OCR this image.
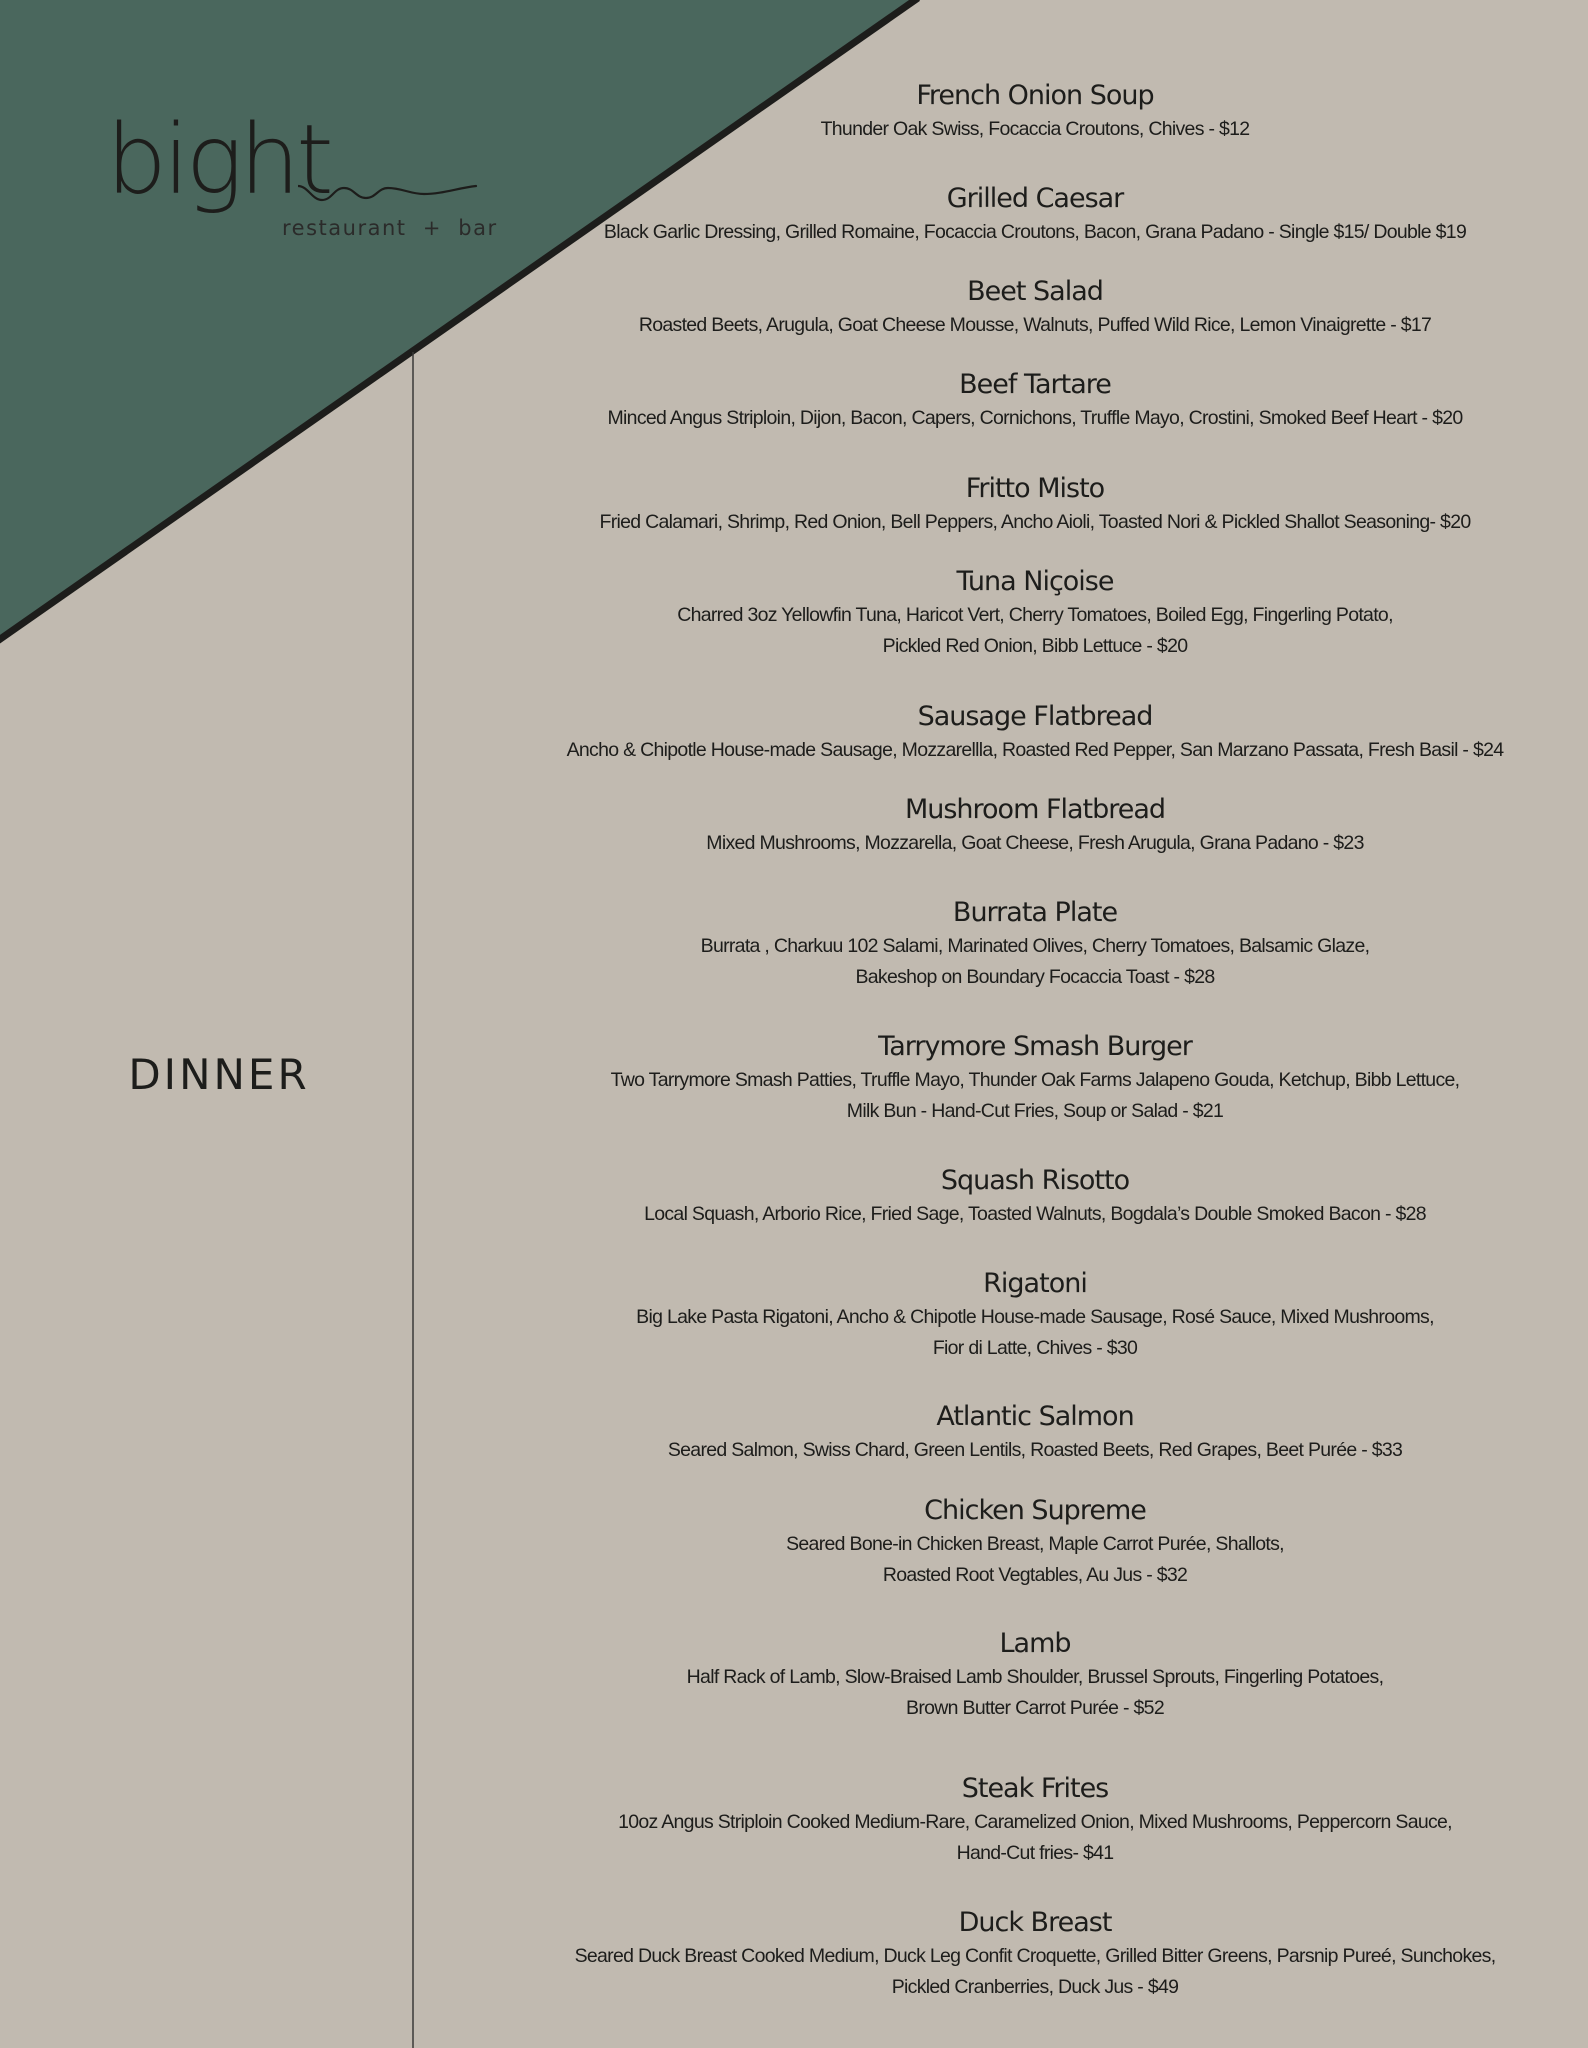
bight
restaurant  +  bar
DINNER
French Onion Soup
Thunder Oak Swiss, Focaccia Croutons, Chives - $12
Grilled Caesar
Black Garlic Dressing, Grilled Romaine, Focaccia Croutons, Bacon, Grana Padano - Single $15/ Double $19
Beet Salad
Roasted Beets, Arugula, Goat Cheese Mousse, Walnuts, Puffed Wild Rice, Lemon Vinaigrette - $17
Beef Tartare
Minced Angus Striploin, Dijon, Bacon, Capers, Cornichons, Truffle Mayo, Crostini, Smoked Beef Heart - $20
Fritto Misto
Fried Calamari, Shrimp, Red Onion, Bell Peppers, Ancho Aioli, Toasted Nori & Pickled Shallot Seasoning- $20
Tuna Niçoise
Charred 3oz Yellowfin Tuna, Haricot Vert, Cherry Tomatoes, Boiled Egg, Fingerling Potato,
Pickled Red Onion, Bibb Lettuce - $20
Sausage Flatbread
Ancho & Chipotle House-made Sausage, Mozzarellla, Roasted Red Pepper, San Marzano Passata, Fresh Basil - $24
Mushroom Flatbread
Mixed Mushrooms, Mozzarella, Goat Cheese, Fresh Arugula, Grana Padano - $23
Burrata Plate
Burrata , Charkuu 102 Salami, Marinated Olives, Cherry Tomatoes, Balsamic Glaze,
Bakeshop on Boundary Focaccia Toast - $28
Tarrymore Smash Burger
Two Tarrymore Smash Patties, Truffle Mayo, Thunder Oak Farms Jalapeno Gouda, Ketchup, Bibb Lettuce,
Milk Bun - Hand-Cut Fries, Soup or Salad - $21
Squash Risotto
Local Squash, Arborio Rice, Fried Sage, Toasted Walnuts, Bogdala’s Double Smoked Bacon - $28
Rigatoni
Big Lake Pasta Rigatoni, Ancho & Chipotle House-made Sausage, Rosé Sauce, Mixed Mushrooms,
Fior di Latte, Chives - $30
Atlantic Salmon
Seared Salmon, Swiss Chard, Green Lentils, Roasted Beets, Red Grapes, Beet Purée - $33
Chicken Supreme
Seared Bone-in Chicken Breast, Maple Carrot Purée, Shallots,
Roasted Root Vegtables, Au Jus - $32
Lamb
Half Rack of Lamb, Slow-Braised Lamb Shoulder, Brussel Sprouts, Fingerling Potatoes,
Brown Butter Carrot Purée - $52
Steak Frites
10oz Angus Striploin Cooked Medium-Rare, Caramelized Onion, Mixed Mushrooms, Peppercorn Sauce,
Hand-Cut fries- $41
Duck Breast
Seared Duck Breast Cooked Medium, Duck Leg Confit Croquette, Grilled Bitter Greens, Parsnip Pureé, Sunchokes,
Pickled Cranberries, Duck Jus - $49
